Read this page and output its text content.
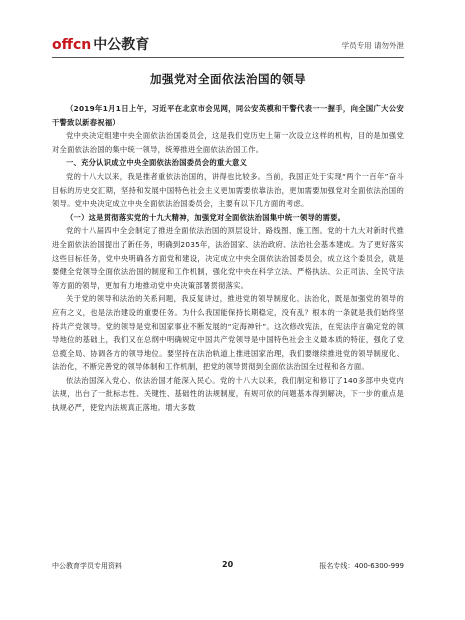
offcn 中公教育	学员专用 请勿外泄
加强党对全面依法治国的领导

（2019年1月1日上午，习近平在北京市会见网，同公安英模和干警代表一一握手，向全国广大公安干警致以新春祝福）

党中央决定组建中央全面依法治国委员会，这是我们党历史上第一次设立这样的机构，目的是加强党对全面依法治国的集中统一领导，统筹推进全面依法治国工作。

一、充分认识成立中央全面依法治国委员会的重大意义

党的十八大以来，我是推者重依法治国的，讲得也比较多。当前，我国正处于实现“两个一百年”奋斗目标的历史交汇期，坚持和发展中国特色社会主义更加需要依靠法治，更加需要加强党对全面依法治国的领导。党中央决定成立中央全面依法治国委员会，主要有以下几方面的考虑。

（一）这是贯彻落实党的十九大精神，加强党对全面依法治国集中统一领导的需要。

党的十八届四中全会制定了推进全面依法治国的顶层设计、路线图、施工图。党的十九大对新时代推进全面依法治国提出了新任务，明确到2035年，法治国家、法治政府、法治社会基本建成。为了更好落实这些目标任务，党中央明确各方面党和建设，决定成立中央全面依法治国委员会，成立这个委员会，就是要健全党领导全面依法治国的制度和工作机制，强化党中央在科学立法、严格执法、公正司法、全民守法等方面的领导，更加有力地推动党中央决策部署贯彻落实。

关于党的领导和法治的关系问题，我反复讲过，推进党的领导制度化、法治化，既是加强党的领导的应有之义，也是法治建设的重要任务。为什么我国能保持长期稳定，没有乱？根本的一条就是我们始终坚持共产党领导。党的领导是党和国家事业不断发展的“定海神针”。这次修改宪法，在宪法序言确定党的领导地位的基础上，我们又在总纲中明确规定中国共产党领导是中国特色社会主义最本质的特征，强化了党总揽全局、协调各方的领导地位。要坚持在法治轨道上推进国家治理，我们要继续推进党的领导制度化、法治化，不断完善党的领导体制和工作机制，把党的领导贯彻到全面依法治国全过程和各方面。

依法治国深入党心、依法治国才能深入民心。党的十八大以来，我们制定和修订了140多部中央党内法规，出台了一批标志性、关键性、基础性的法规制度，有规可依的问题基本得到解决，下一步的重点是执规必严，使党内法规真正落地。增大多数

中公教育学员专用资料	20	报名专线：400-6300-999
